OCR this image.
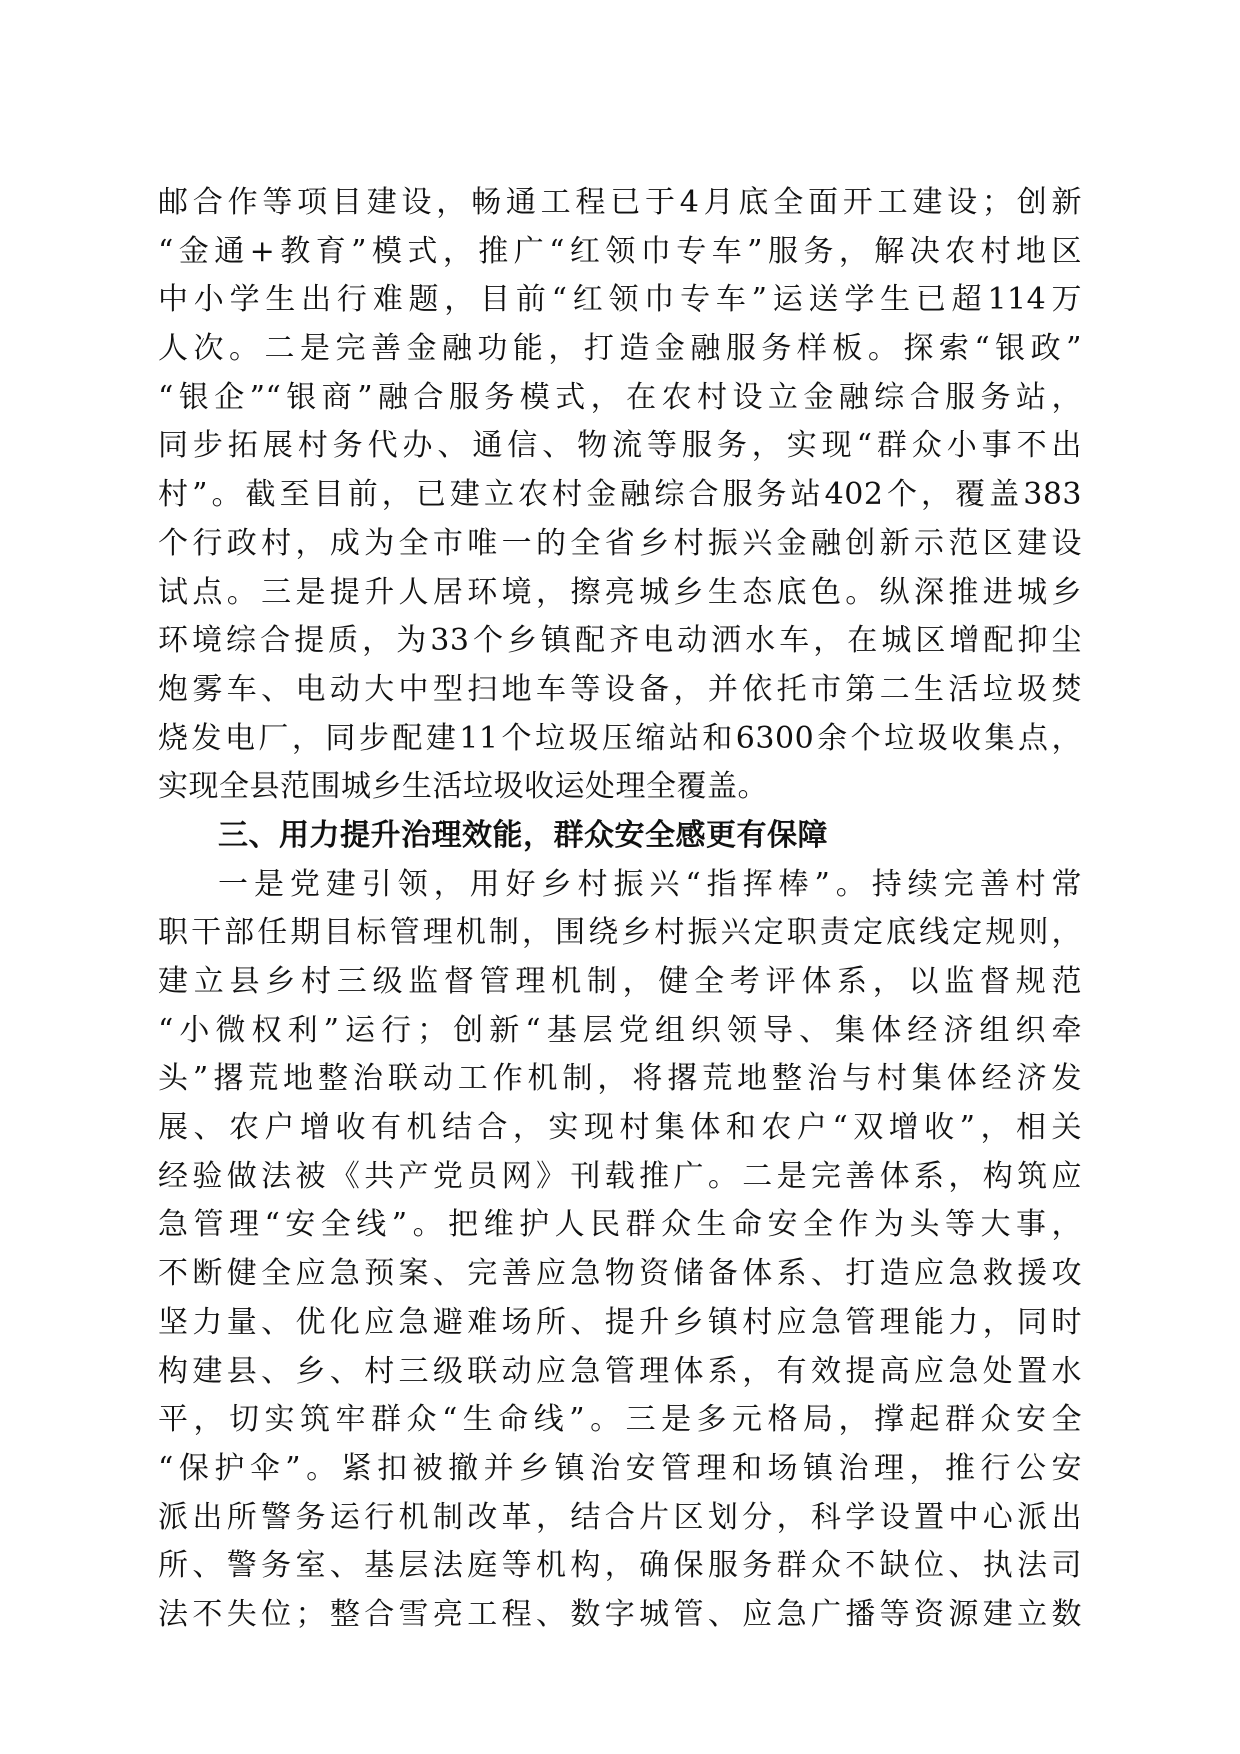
邮合作等项目建设，畅通工程已于4月底全面开工建设；创新
“金通+教育”模式，推广“红领巾专车”服务，解决农村地区
中小学生出行难题，目前“红领巾专车”运送学生已超114万
人次。二是完善金融功能，打造金融服务样板。探索“银政”
“银企”“银商”融合服务模式，在农村设立金融综合服务站，
同步拓展村务代办、通信、物流等服务，实现“群众小事不出
村”。截至目前，已建立农村金融综合服务站402个，覆盖383
个行政村，成为全市唯一的全省乡村振兴金融创新示范区建设
试点。三是提升人居环境，擦亮城乡生态底色。纵深推进城乡
环境综合提质，为33个乡镇配齐电动洒水车，在城区增配抑尘
炮雾车、电动大中型扫地车等设备，并依托市第二生活垃圾焚
烧发电厂，同步配建11个垃圾压缩站和6300余个垃圾收集点，
实现全县范围城乡生活垃圾收运处理全覆盖。
三、用力提升治理效能，群众安全感更有保障
一是党建引领，用好乡村振兴“指挥棒”。持续完善村常
职干部任期目标管理机制，围绕乡村振兴定职责定底线定规则，
建立县乡村三级监督管理机制，健全考评体系，以监督规范
“小微权利”运行；创新“基层党组织领导、集体经济组织牵
头”撂荒地整治联动工作机制，将撂荒地整治与村集体经济发
展、农户增收有机结合，实现村集体和农户“双增收”，相关
经验做法被《共产党员网》刊载推广。二是完善体系，构筑应
急管理“安全线”。把维护人民群众生命安全作为头等大事，
不断健全应急预案、完善应急物资储备体系、打造应急救援攻
坚力量、优化应急避难场所、提升乡镇村应急管理能力，同时
构建县、乡、村三级联动应急管理体系，有效提高应急处置水
平，切实筑牢群众“生命线”。三是多元格局，撑起群众安全
“保护伞”。紧扣被撤并乡镇治安管理和场镇治理，推行公安
派出所警务运行机制改革，结合片区划分，科学设置中心派出
所、警务室、基层法庭等机构，确保服务群众不缺位、执法司
法不失位；整合雪亮工程、数字城管、应急广播等资源建立数
